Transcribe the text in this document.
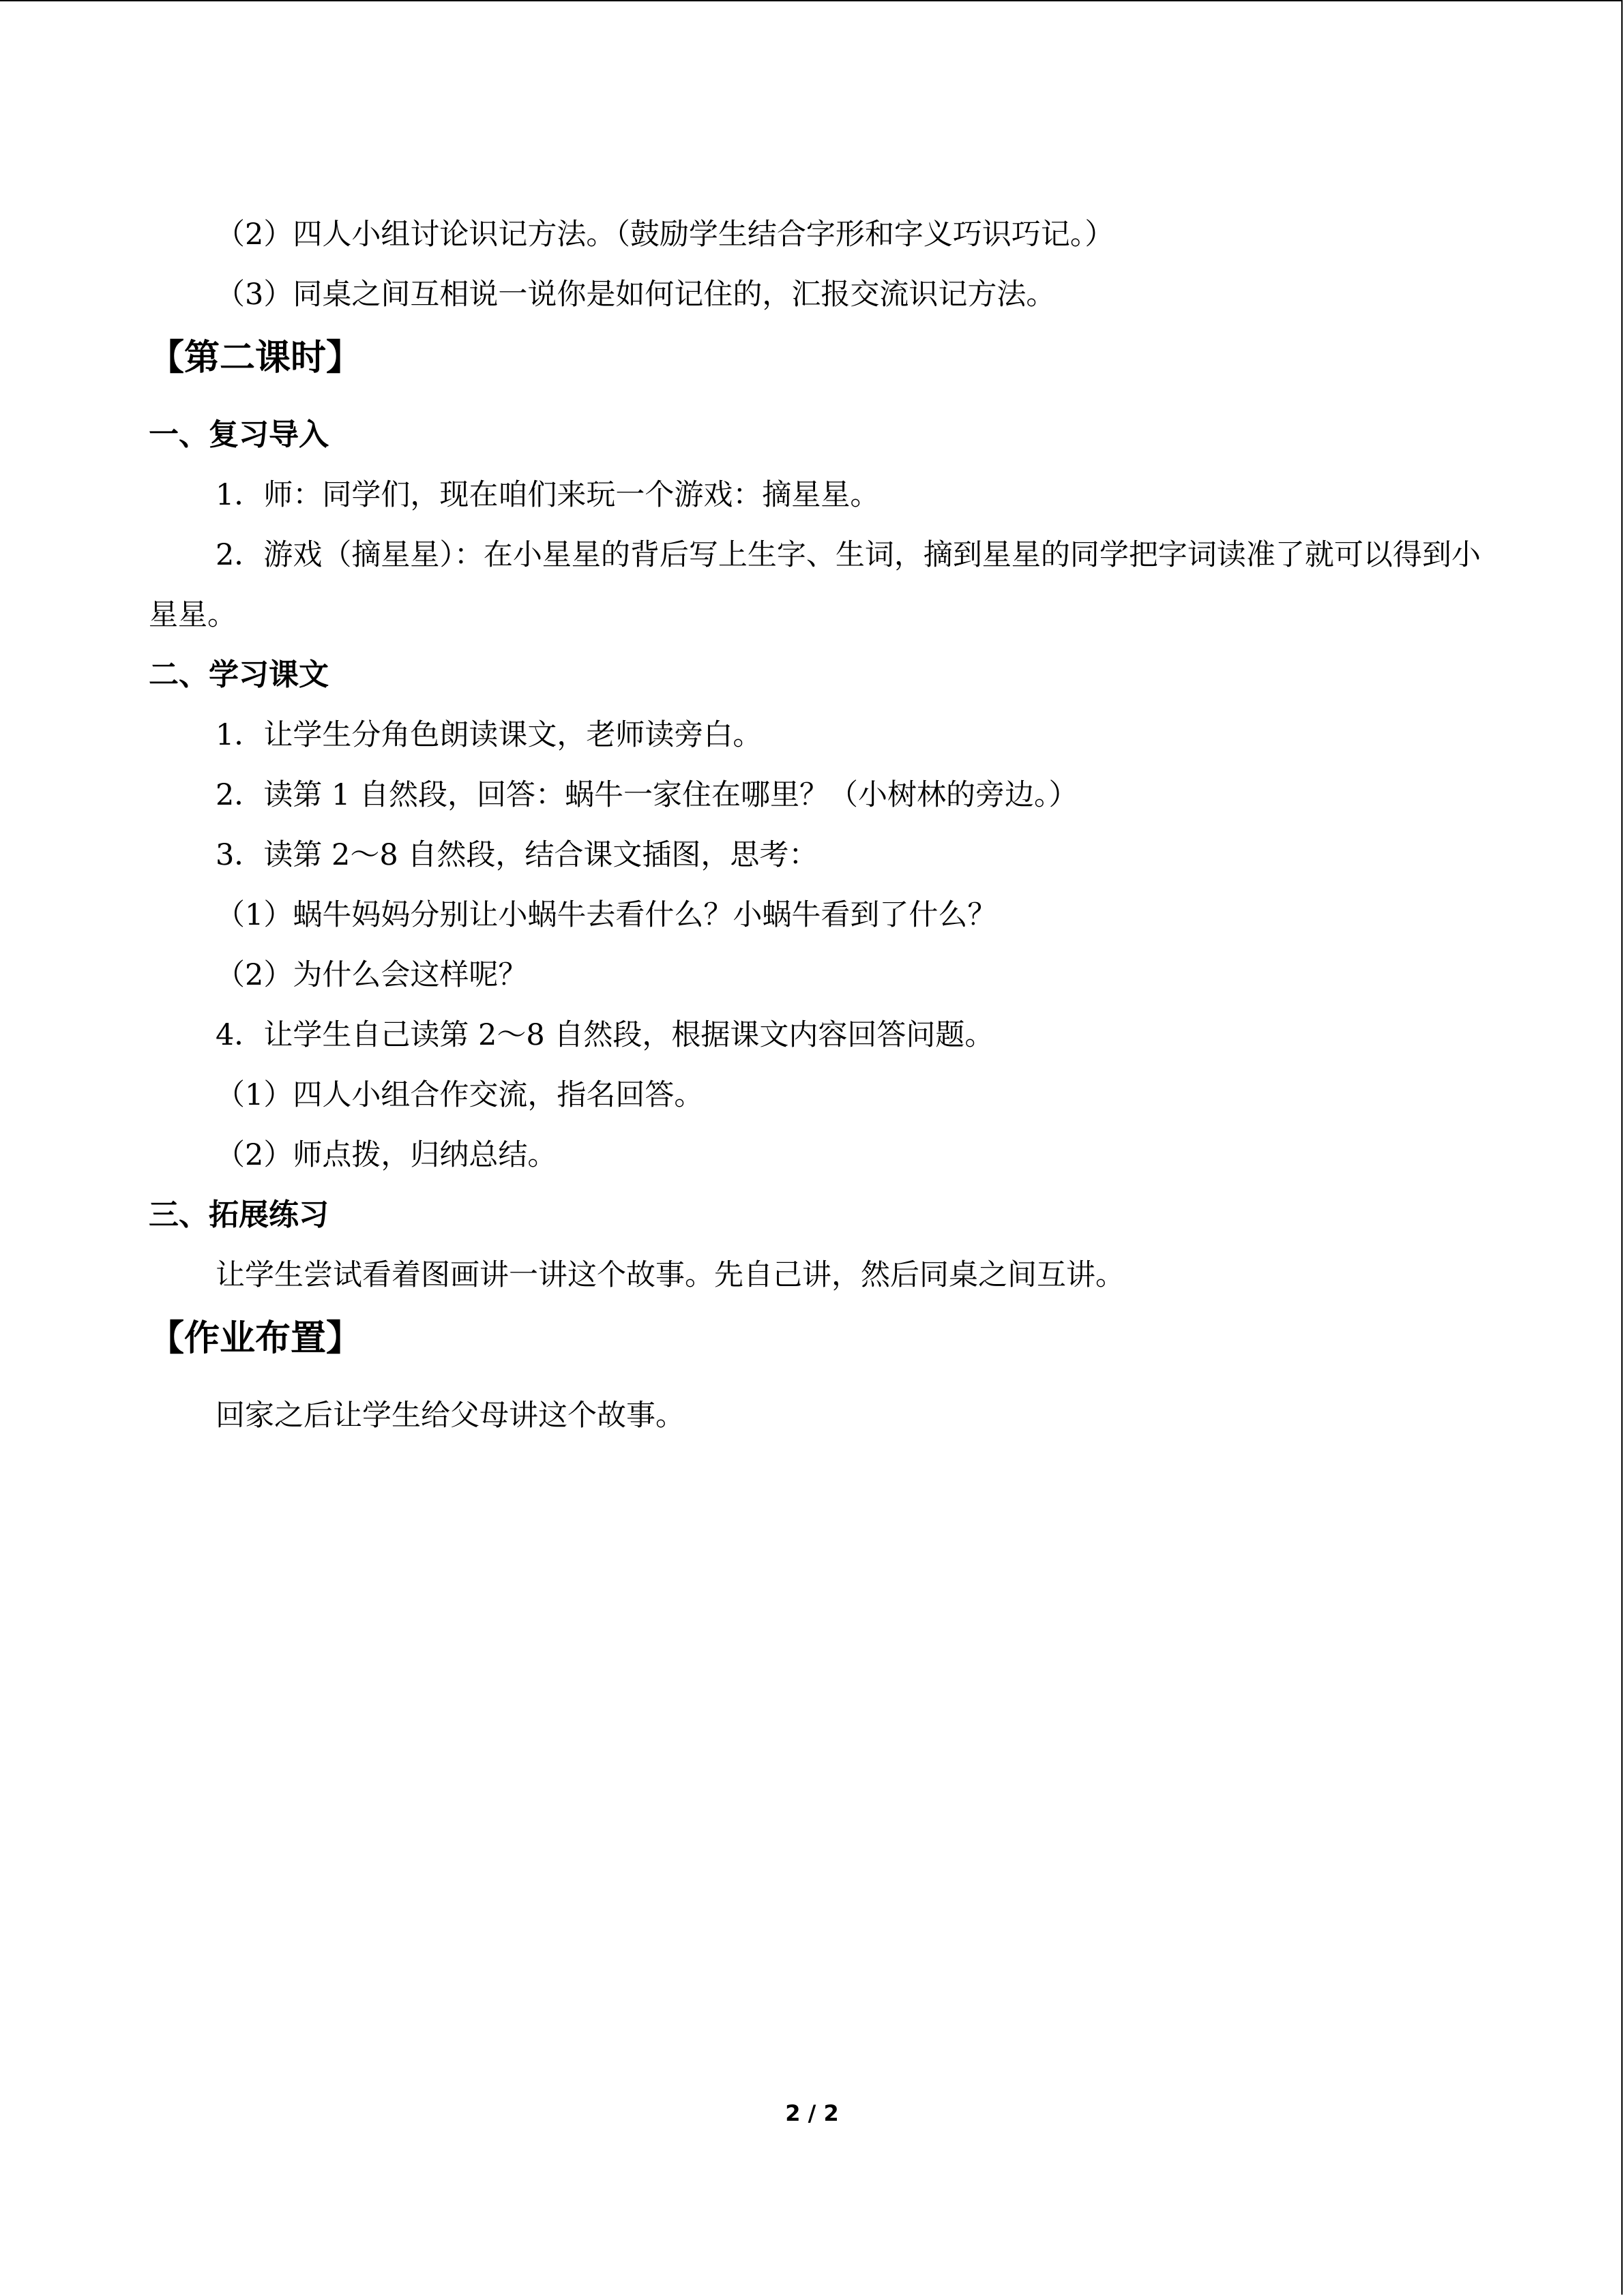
（2）四人小组讨论识记方法。（鼓励学生结合字形和字义巧识巧记。）

（3）同桌之间互相说一说你是如何记住的，汇报交流识记方法。

【第二课时】
一、复习导入

1．师：同学们，现在咱们来玩一个游戏：摘星星。

2．游戏（摘星星）：在小星星的背后写上生字、生词，摘到星星的同学把字词读准了就可以得到小星星。

二、学习课文

1．让学生分角色朗读课文，老师读旁白。

2．读第 1 自然段，回答：蜗牛一家住在哪里？（小树林的旁边。）

3．读第 2～8 自然段，结合课文插图，思考：

（1）蜗牛妈妈分别让小蜗牛去看什么？小蜗牛看到了什么？

（2）为什么会这样呢？

4．让学生自己读第 2～8 自然段，根据课文内容回答问题。

（1）四人小组合作交流，指名回答。

（2）师点拨，归纳总结。

三、拓展练习

让学生尝试看着图画讲一讲这个故事。先自己讲，然后同桌之间互讲。

【作业布置】

回家之后让学生给父母讲这个故事。

2 / 2
